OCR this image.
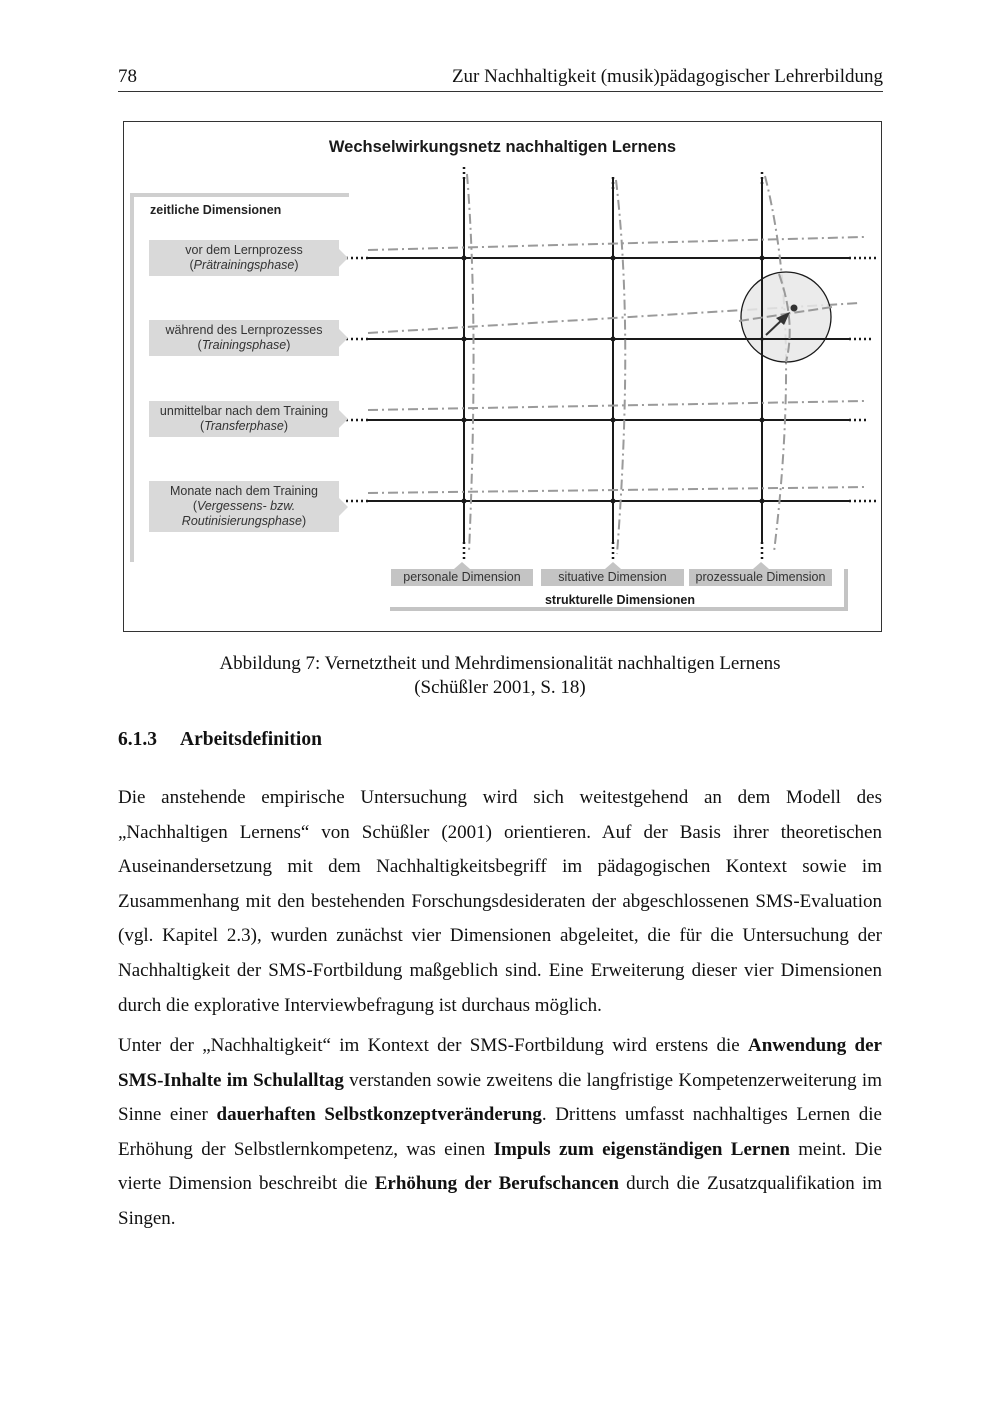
78	Zur Nachhaltigkeit (musik)pädagogischer Lehrerbildung
Wechselwirkungsnetz nachhaltigen Lernens
zeitliche Dimensionen
vor dem Lernprozess
(Prätrainingsphase)
während des Lernprozesses
(Trainingsphase)
unmittelbar nach dem Training
(Transferphase)
Monate nach dem Training
(Vergessens- bzw.
Routinisierungsphase)
personale Dimension	situative Dimension	prozessuale Dimension
strukturelle Dimensionen
Abbildung 7: Vernetztheit und Mehrdimensionalität nachhaltigen Lernens
(Schüßler 2001, S. 18)
6.1.3 Arbeitsdefinition

Die anstehende empirische Untersuchung wird sich weitestgehend an dem Modell des „Nachhaltigen Lernens“ von Schüßler (2001) orientieren. Auf der Basis ihrer theoretischen Auseinandersetzung mit dem Nachhaltigkeitsbegriff im pädagogischen Kontext sowie im Zusammenhang mit den bestehenden Forschungsdesideraten der abgeschlossenen SMS-Evaluation (vgl. Kapitel 2.3), wurden zunächst vier Dimensionen abgeleitet, die für die Untersuchung der Nachhaltigkeit der SMS-Fortbildung maßgeblich sind. Eine Erweiterung dieser vier Dimensionen durch die explorative Interviewbefragung ist durchaus möglich.

Unter der „Nachhaltigkeit“ im Kontext der SMS-Fortbildung wird erstens die Anwendung der SMS-Inhalte im Schulalltag verstanden sowie zweitens die langfristige Kompetenzerweiterung im Sinne einer dauerhaften Selbstkonzeptveränderung. Drittens umfasst nachhaltiges Lernen die Erhöhung der Selbstlernkompetenz, was einen Impuls zum eigenständigen Lernen meint. Die vierte Dimension beschreibt die Erhöhung der Berufschancen durch die Zusatzqualifikation im Singen.
